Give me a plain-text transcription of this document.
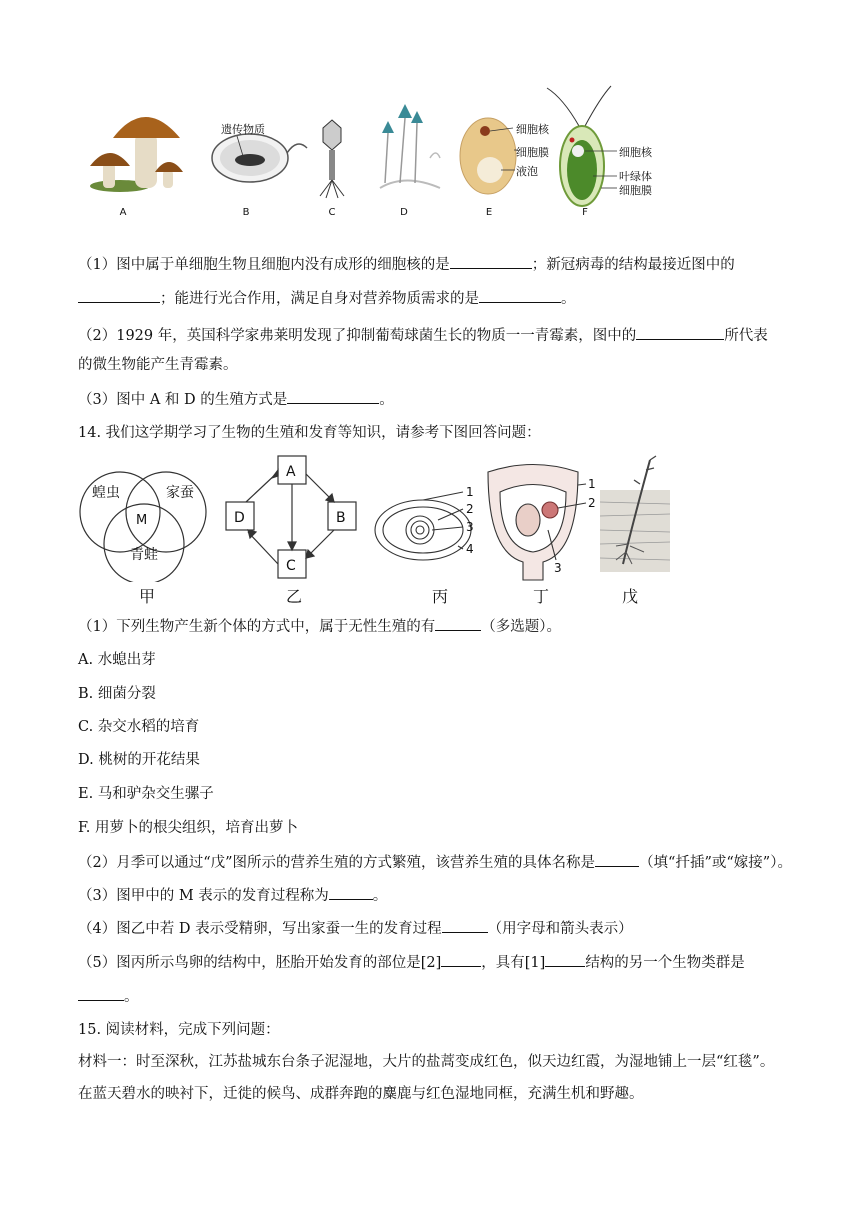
遗传物质	细胞核
细胞膜
液泡
细胞核
叶绿体
细胞膜
A	B	C	D	E	F
（1）图中属于单细胞生物且细胞内没有成形的细胞核的是	；新冠病毒的结构最接近图中的
；能进行光合作用，满足自身对营养物质需求的是	。
（2）1929 年，英国科学家弗莱明发现了抑制葡萄球菌生长的物质一一青霉素，图中的	所代表
的微生物能产生青霉素。
（3）图中 A 和 D 的生殖方式是	。
14. 我们这学期学习了生物的生殖和发育等知识，请参考下图回答问题：
蝗虫	家蚕
青蛙
M
A
B
C
D
1
2
3
4
1
2
3
甲	乙	丙	丁	戊
（1）下列生物产生新个体的方式中，属于无性生殖的有	（多选题）。
A. 水螅出芽
B. 细菌分裂
C. 杂交水稻的培育
D. 桃树的开花结果
E. 马和驴杂交生骡子
F. 用萝卜的根尖组织，培育出萝卜
（2）月季可以通过“戊”图所示的营养生殖的方式繁殖，该营养生殖的具体名称是	（填“扦插”或“嫁接”）。
（3）图甲中的 M 表示的发育过程称为	。
（4）图乙中若 D 表示受精卵，写出家蚕一生的发育过程	（用字母和箭头表示）
（5）图丙所示鸟卵的结构中，胚胎开始发育的部位是[2]	，具有[1]	结构的另一个生物类群是
。
15. 阅读材料，完成下列问题：
材料一：时至深秋，江苏盐城东台条子泥湿地，大片的盐蒿变成红色，似天边红霞，为湿地铺上一层“红毯”。
在蓝天碧水的映衬下，迁徙的候鸟、成群奔跑的麋鹿与红色湿地同框，充满生机和野趣。
